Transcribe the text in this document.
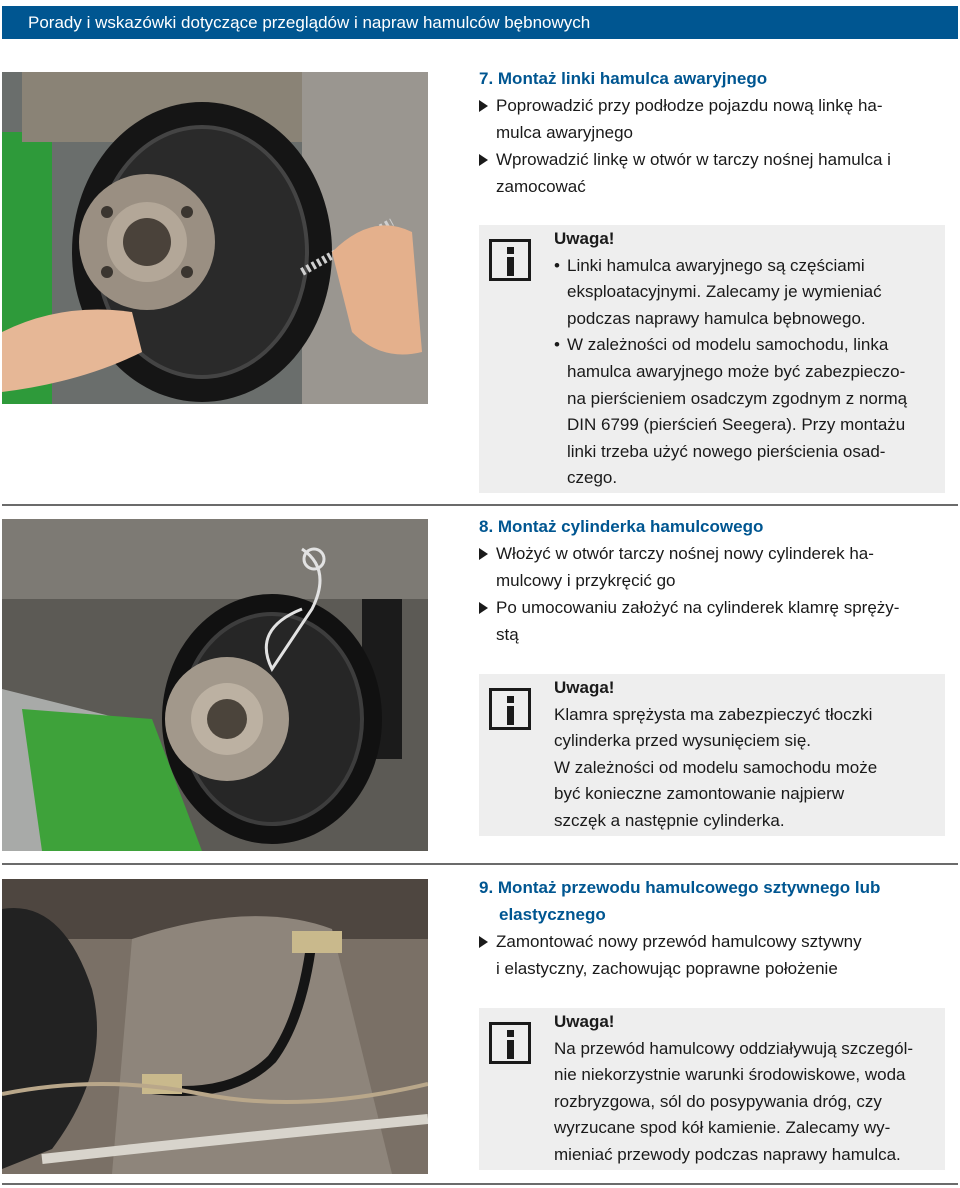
Porady i wskazówki dotyczące przeglądów i napraw hamulców bębnowych
7. Montaż linki hamulca awaryjnego
Poprowadzić przy podłodze pojazdu nową linkę ha-
mulca awaryjnego
Wprowadzić linkę w otwór w tarczy nośnej hamulca i
zamocować
Uwaga!
• Linki hamulca awaryjnego są częściami
eksploatacyjnymi. Zalecamy je wymieniać
podczas naprawy hamulca bębnowego.
• W zależności od modelu samochodu, linka
hamulca awaryjnego może być zabezpieczo-
na pierścieniem osadczym zgodnym z normą
DIN 6799 (pierścień Seegera). Przy montażu
linki trzeba użyć nowego pierścienia osad-
czego.
8. Montaż cylinderka hamulcowego
Włożyć w otwór tarczy nośnej nowy cylinderek ha-
mulcowy i przykręcić go
Po umocowaniu założyć na cylinderek klamrę spręży-
stą
Uwaga!
Klamra sprężysta ma zabezpieczyć tłoczki
cylinderka przed wysunięciem się.
W zależności od modelu samochodu może
być konieczne zamontowanie najpierw
szczęk a następnie cylinderka.
9. Montaż przewodu hamulcowego sztywnego lub
elastycznego
Zamontować nowy przewód hamulcowy sztywny
i elastyczny, zachowując poprawne położenie
Uwaga!
Na przewód hamulcowy oddziaływują szczegól-
nie niekorzystnie warunki środowiskowe, woda
rozbryzgowa, sól do posypywania dróg, czy
wyrzucane spod kół kamienie. Zalecamy wy-
mieniać przewody podczas naprawy hamulca.
